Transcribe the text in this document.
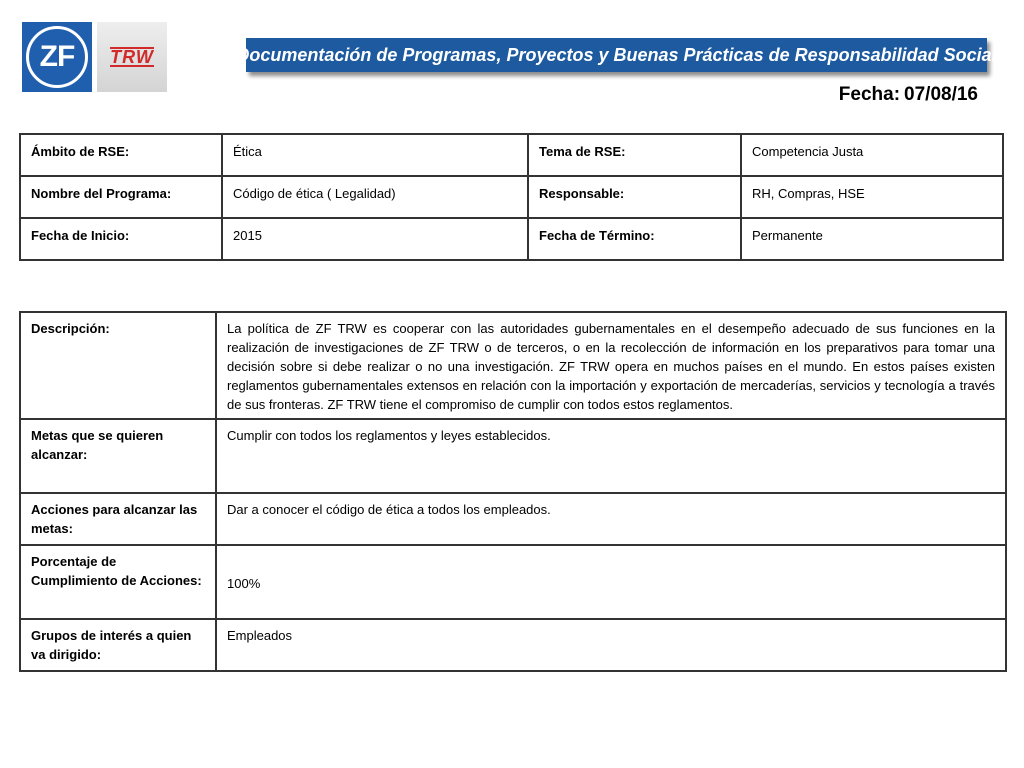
ZF	TRW	Documentación de Programas, Proyectos y Buenas Prácticas de Responsabilidad Social
Fecha: 07/08/16
Ámbito de RSE:	Ética	Tema de RSE:	Competencia Justa
Nombre del Programa:	Código de ética ( Legalidad)	Responsable:	RH, Compras, HSE
Fecha de Inicio:	2015	Fecha de Término:	Permanente
Descripción:	La política de ZF TRW es cooperar con las autoridades gubernamentales en el desempeño adecuado de sus funciones en la realización de investigaciones de ZF TRW o de terceros, o en la recolección de información en los preparativos para tomar una decisión sobre si debe realizar o no una investigación. ZF TRW opera en muchos países en el mundo. En estos países existen reglamentos gubernamentales extensos en relación con la importación y exportación de mercaderías, servicios y tecnología a través de sus fronteras. ZF TRW tiene el compromiso de cumplir con todos estos reglamentos.
Metas que se quieren alcanzar:	Cumplir con todos los reglamentos y leyes establecidos.
Acciones para alcanzar las metas:	Dar a conocer el código de ética a todos los empleados.
Porcentaje de Cumplimiento de Acciones:	100%
Grupos de interés a quien va dirigido:	Empleados
